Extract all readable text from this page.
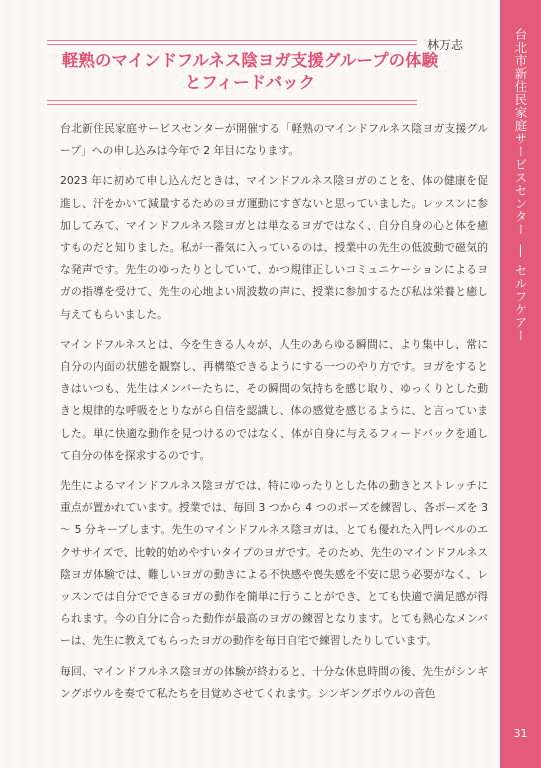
台北市新住民家庭サービスセンター
|
セルフケアー
31
林万志
軽熟のマインドフルネス陰ヨガ支援グループの体験
とフィードバック

台北新住民家庭サービスセンターが開催する「軽熟のマインドフルネス陰ヨガ支援グループ」への申し込みは今年で 2 年目になります。

2023 年に初めて申し込んだときは、マインドフルネス陰ヨガのことを、体の健康を促進し、汗をかいて減量するためのヨガ運動にすぎないと思っていました。レッスンに参加してみて、マインドフルネス陰ヨガとは単なるヨガではなく、自分自身の心と体を癒すものだと知りました。私が一番気に入っているのは、授業中の先生の低波動で磁気的な発声です。先生のゆったりとしていて、かつ規律正しいコミュニケーションによるヨガの指導を受けて、先生の心地よい周波数の声に、授業に参加するたび私は栄養と癒し与えてもらいました。

マインドフルネスとは、今を生きる人々が、人生のあらゆる瞬間に、より集中し、常に自分の内面の状態を観察し、再構築できるようにする一つのやり方です。ヨガをするときはいつも、先生はメンバーたちに、その瞬間の気持ちを感じ取り、ゆっくりとした動きと規律的な呼吸をとりながら自信を認識し、体の感覚を感じるように、と言っていました。単に快適な動作を見つけるのではなく、体が自身に与えるフィードバックを通して自分の体を探求するのです。

先生によるマインドフルネス陰ヨガでは、特にゆったりとした体の動きとストレッチに重点が置かれています。授業では、毎回 3 つから 4 つのポーズを練習し、各ポーズを 3 ～ 5 分キープします。先生のマインドフルネス陰ヨガは、とても優れた入門レベルのエクササイズで、比較的始めやすいタイプのヨガです。そのため、先生のマインドフルネス陰ヨガ体験では、難しいヨガの動きによる不快感や喪失感を不安に思う必要がなく、レッスンでは自分でできるヨガの動作を簡単に行うことができ、とても快適で満足感が得られます。今の自分に合った動作が最高のヨガの練習となります。とても熱心なメンバーは、先生に教えてもらったヨガの動作を毎日自宅で練習したりしています。

毎回、マインドフルネス陰ヨガの体験が終わると、十分な休息時間の後、先生がシンギングボウルを奏でて私たちを目覚めさせてくれます。シンギングボウルの音色
